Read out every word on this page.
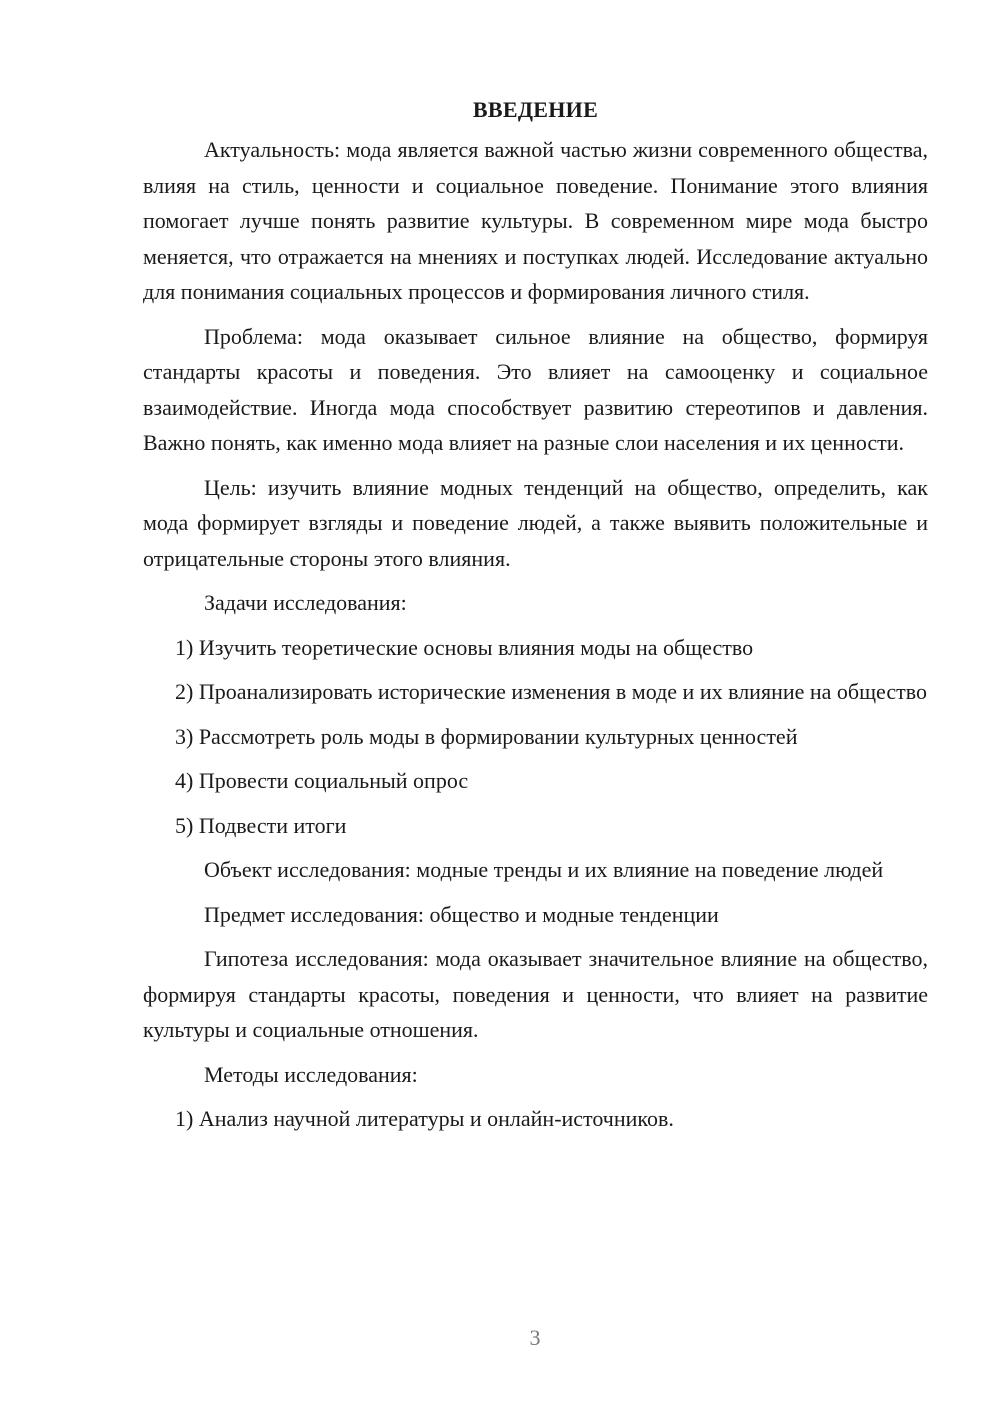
ВВЕДЕНИЕ

Актуальность: мода является важной частью жизни современного общества, влияя на стиль, ценности и социальное поведение. Понимание этого влияния помогает лучше понять развитие культуры. В современном мире мода быстро меняется, что отражается на мнениях и поступках людей. Исследование актуально для понимания социальных процессов и формирования личного стиля.

Проблема: мода оказывает сильное влияние на общество, формируя стандарты красоты и поведения. Это влияет на самооценку и социальное взаимодействие. Иногда мода способствует развитию стереотипов и давления. Важно понять, как именно мода влияет на разные слои населения и их ценности.

Цель: изучить влияние модных тенденций на общество, определить, как мода формирует взгляды и поведение людей, а также выявить положительные и отрицательные стороны этого влияния.

Задачи исследования:

1) Изучить теоретические основы влияния моды на общество

2) Проанализировать исторические изменения в моде и их влияние на общество

3) Рассмотреть роль моды в формировании культурных ценностей

4) Провести социальный опрос

5) Подвести итоги

Объект исследования: модные тренды и их влияние на поведение людей

Предмет исследования: общество и модные тенденции

Гипотеза исследования: мода оказывает значительное влияние на общество, формируя стандарты красоты, поведения и ценности, что влияет на развитие культуры и социальные отношения.

Методы исследования:

1) Анализ научной литературы и онлайн-источников.

3
